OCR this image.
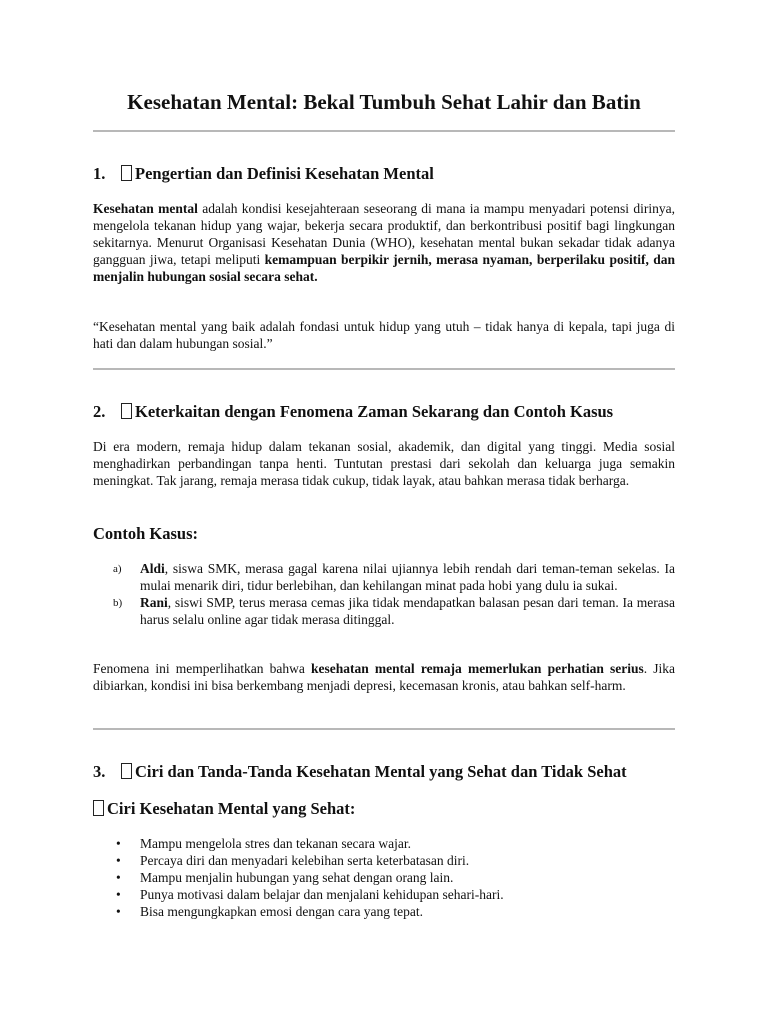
Kesehatan Mental: Bekal Tumbuh Sehat Lahir dan Batin
1. Pengertian dan Definisi Kesehatan Mental

Kesehatan mental adalah kondisi kesejahteraan seseorang di mana ia mampu menyadari potensi dirinya, mengelola tekanan hidup yang wajar, bekerja secara produktif, dan berkontribusi positif bagi lingkungan sekitarnya. Menurut Organisasi Kesehatan Dunia (WHO), kesehatan mental bukan sekadar tidak adanya gangguan jiwa, tetapi meliputi kemampuan berpikir jernih, merasa nyaman, berperilaku positif, dan menjalin hubungan sosial secara sehat.

“Kesehatan mental yang baik adalah fondasi untuk hidup yang utuh – tidak hanya di kepala, tapi juga di hati dan dalam hubungan sosial.”

2. Keterkaitan dengan Fenomena Zaman Sekarang dan Contoh Kasus

Di era modern, remaja hidup dalam tekanan sosial, akademik, dan digital yang tinggi. Media sosial menghadirkan perbandingan tanpa henti. Tuntutan prestasi dari sekolah dan keluarga juga semakin meningkat. Tak jarang, remaja merasa tidak cukup, tidak layak, atau bahkan merasa tidak berharga.

Contoh Kasus:
a) Aldi, siswa SMK, merasa gagal karena nilai ujiannya lebih rendah dari teman-teman sekelas. Ia mulai menarik diri, tidur berlebihan, dan kehilangan minat pada hobi yang dulu ia sukai.
b) Rani, siswi SMP, terus merasa cemas jika tidak mendapatkan balasan pesan dari teman. Ia merasa harus selalu online agar tidak merasa ditinggal.

Fenomena ini memperlihatkan bahwa kesehatan mental remaja memerlukan perhatian serius. Jika dibiarkan, kondisi ini bisa berkembang menjadi depresi, kecemasan kronis, atau bahkan self-harm.

3. Ciri dan Tanda-Tanda Kesehatan Mental yang Sehat dan Tidak Sehat
Ciri Kesehatan Mental yang Sehat:
• Mampu mengelola stres dan tekanan secara wajar.
• Percaya diri dan menyadari kelebihan serta keterbatasan diri.
• Mampu menjalin hubungan yang sehat dengan orang lain.
• Punya motivasi dalam belajar dan menjalani kehidupan sehari-hari.
• Bisa mengungkapkan emosi dengan cara yang tepat.
